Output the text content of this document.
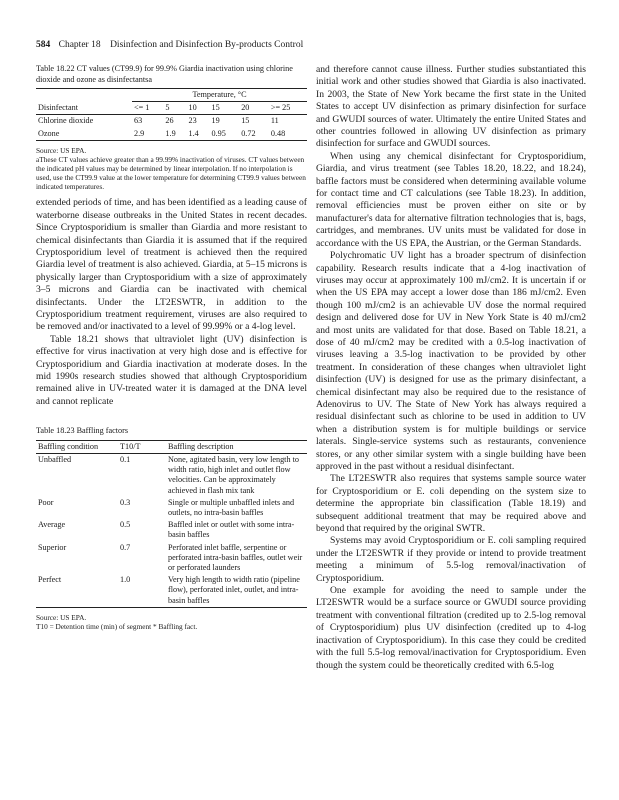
584 Chapter 18    Disinfection and Disinfection By-products Control

Table 18.22 CT values (CT99.9) for 99.9% Giardia inactivation using chlorine dioxide and ozone as disinfectantsa

	Temperature, °C					
Disinfectant	<= 1	5	10	15	20	>= 25
Chlorine dioxide	63	26	23	19	15	11
Ozone	2.9	1.9	1.4	0.95	0.72	0.48

Source: US EPA.

aThese CT values achieve greater than a 99.99% inactivation of viruses. CT values between the indicated pH values may be determined by linear interpolation. If no interpolation is used, use the CT99.9 value at the lower temperature for determining CT99.9 values between indicated temperatures.

extended periods of time, and has been identified as a leading cause of waterborne disease outbreaks in the United States in recent decades. Since Cryptosporidium is smaller than Giardia and more resistant to chemical disinfectants than Giardia it is assumed that if the required Cryptosporidium level of treatment is achieved then the required Giardia level of treatment is also achieved. Giardia, at 5–15 microns is physically larger than Cryptosporidium with a size of approximately 3–5 microns and Giardia can be inactivated with chemical disinfectants. Under the LT2ESWTR, in addition to the Cryptosporidium treatment requirement, viruses are also required to be removed and/or inactivated to a level of 99.99% or a 4-log level.

Table 18.21 shows that ultraviolet light (UV) disinfection is effective for virus inactivation at very high dose and is effective for Cryptosporidium and Giardia inactivation at moderate doses. In the mid 1990s research studies showed that although Cryptosporidium remained alive in UV-treated water it is damaged at the DNA level and cannot replicate

Table 18.23 Baffling factors

Baffling condition	T10/T	Baffling description
Unbaffled	0.1	None, agitated basin, very low length to width ratio, high inlet and outlet flow velocities. Can be approximately achieved in flash mix tank
Poor	0.3	Single or multiple unbaffled inlets and outlets, no intra-basin baffles
Average	0.5	Baffled inlet or outlet with some intra-basin baffles
Superior	0.7	Perforated inlet baffle, serpentine or perforated intra-basin baffles, outlet weir or perforated launders
Perfect	1.0	Very high length to width ratio (pipeline flow), perforated inlet, outlet, and intra-basin baffles

Source: US EPA.

T10 = Detention time (min) of segment * Baffling fact.

and therefore cannot cause illness. Further studies substantiated this initial work and other studies showed that Giardia is also inactivated. In 2003, the State of New York became the first state in the United States to accept UV disinfection as primary disinfection for surface and GWUDI sources of water. Ultimately the entire United States and other countries followed in allowing UV disinfection as primary disinfection for surface and GWUDI sources.

When using any chemical disinfectant for Cryptosporidium, Giardia, and virus treatment (see Tables 18.20, 18.22, and 18.24), baffle factors must be considered when determining available volume for contact time and CT calculations (see Table 18.23). In addition, removal efficiencies must be proven either on site or by manufacturer's data for alternative filtration technologies that is, bags, cartridges, and membranes. UV units must be validated for dose in accordance with the US EPA, the Austrian, or the German Standards.

Polychromatic UV light has a broader spectrum of disinfection capability. Research results indicate that a 4-log inactivation of viruses may occur at approximately 100 mJ/cm2. It is uncertain if or when the US EPA may accept a lower dose than 186 mJ/cm2. Even though 100 mJ/cm2 is an achievable UV dose the normal required design and delivered dose for UV in New York State is 40 mJ/cm2 and most units are validated for that dose. Based on Table 18.21, a dose of 40 mJ/cm2 may be credited with a 0.5-log inactivation of viruses leaving a 3.5-log inactivation to be provided by other treatment. In consideration of these changes when ultraviolet light disinfection (UV) is designed for use as the primary disinfectant, a chemical disinfectant may also be required due to the resistance of Adenovirus to UV. The State of New York has always required a residual disinfectant such as chlorine to be used in addition to UV when a distribution system is for multiple buildings or service laterals. Single-service systems such as restaurants, convenience stores, or any other similar system with a single building have been approved in the past without a residual disinfectant.

The LT2ESWTR also requires that systems sample source water for Cryptosporidium or E. coli depending on the system size to determine the appropriate bin classification (Table 18.19) and subsequent additional treatment that may be required above and beyond that required by the original SWTR.

Systems may avoid Cryptosporidium or E. coli sampling required under the LT2ESWTR if they provide or intend to provide treatment meeting a minimum of 5.5-log removal/inactivation of Cryptosporidium.

One example for avoiding the need to sample under the LT2ESWTR would be a surface source or GWUDI source providing treatment with conventional filtration (credited up to 2.5-log removal of Cryptosporidium) plus UV disinfection (credited up to 4-log inactivation of Cryptosporidium). In this case they could be credited with the full 5.5-log removal/inactivation for Cryptosporidium. Even though the system could be theoretically credited with 6.5-log
